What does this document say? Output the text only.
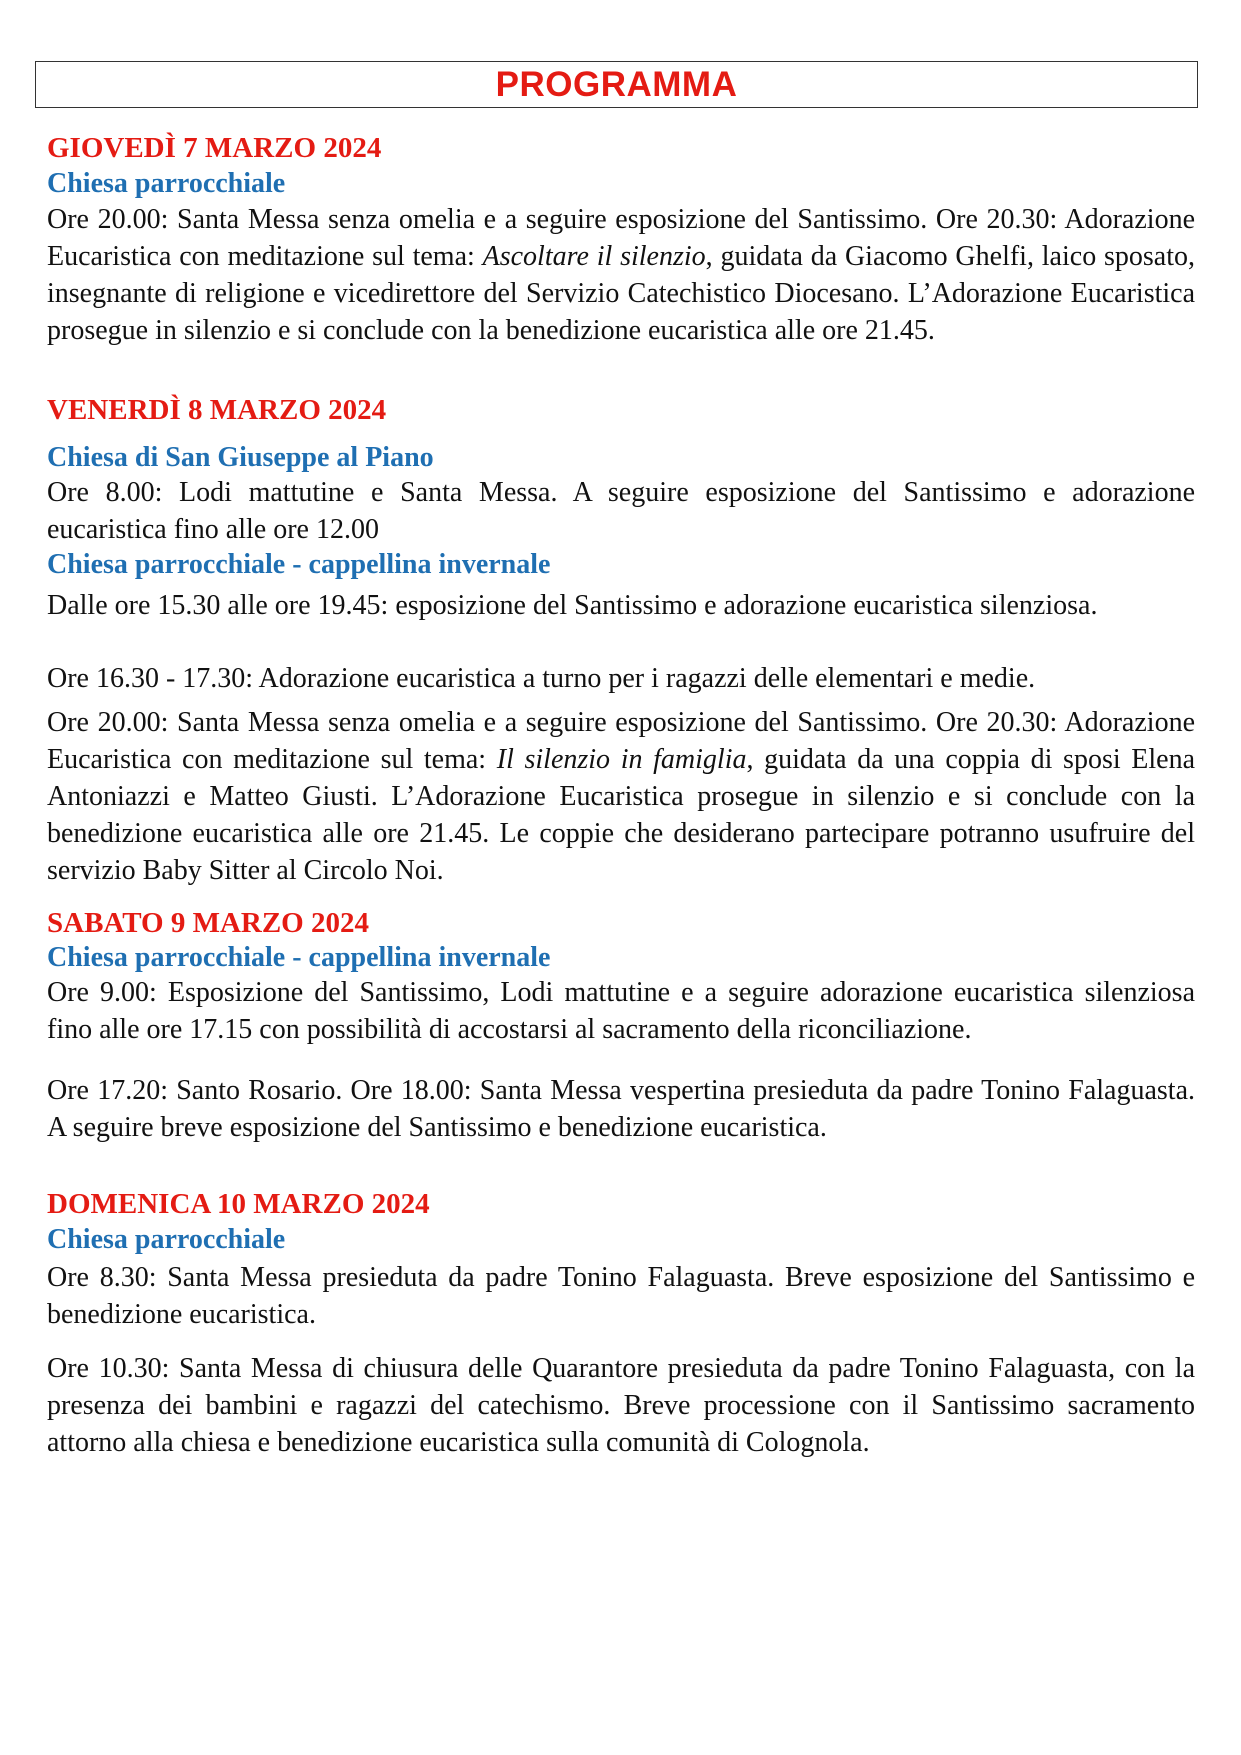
PROGRAMMA
GIOVEDÌ 7 MARZO 2024
Chiesa parrocchiale

Ore 20.00: Santa Messa senza omelia e a seguire esposizione del Santissimo. Ore 20.30: Adorazione Eucaristica con meditazione sul tema: Ascoltare il silenzio, guidata da Giacomo Ghelfi, laico sposato, insegnante di religione e vicedirettore del Servizio Catechistico Diocesano. L’Adorazione Eucaristica prosegue in silenzio e si conclude con la benedizione eucaristica alle ore 21.45.

VENERDÌ 8 MARZO 2024
Chiesa di San Giuseppe al Piano

Ore 8.00: Lodi mattutine e Santa Messa. A seguire esposizione del Santissimo e adorazione eucaristica fino alle ore 12.00

Chiesa parrocchiale - cappellina invernale

Dalle ore 15.30 alle ore 19.45: esposizione del Santissimo e adorazione eucaristica silenziosa.

Ore 16.30 - 17.30: Adorazione eucaristica a turno per i ragazzi delle elementari e medie.

Ore 20.00: Santa Messa senza omelia e a seguire esposizione del Santissimo. Ore 20.30: Adorazione Eucaristica con meditazione sul tema: Il silenzio in famiglia, guidata da una coppia di sposi Elena Antoniazzi e Matteo Giusti. L’Adorazione Eucaristica prosegue in silenzio e si conclude con la benedizione eucaristica alle ore 21.45. Le coppie che desiderano partecipare potranno usufruire del servizio Baby Sitter al Circolo Noi.

SABATO 9 MARZO 2024
Chiesa parrocchiale - cappellina invernale

Ore 9.00: Esposizione del Santissimo, Lodi mattutine e a seguire adorazione eucaristica silenziosa fino alle ore 17.15 con possibilità di accostarsi al sacramento della riconciliazione.

Ore 17.20: Santo Rosario. Ore 18.00: Santa Messa vespertina presieduta da padre Tonino Falaguasta. A seguire breve esposizione del Santissimo e benedizione eucaristica.

DOMENICA 10 MARZO 2024
Chiesa parrocchiale

Ore 8.30: Santa Messa presieduta da padre Tonino Falaguasta. Breve esposizione del Santissimo e benedizione eucaristica.

Ore 10.30: Santa Messa di chiusura delle Quarantore presieduta da padre Tonino Falaguasta, con la presenza dei bambini e ragazzi del catechismo. Breve processione con il Santissimo sacramento attorno alla chiesa e benedizione eucaristica sulla comunità di Colognola.
